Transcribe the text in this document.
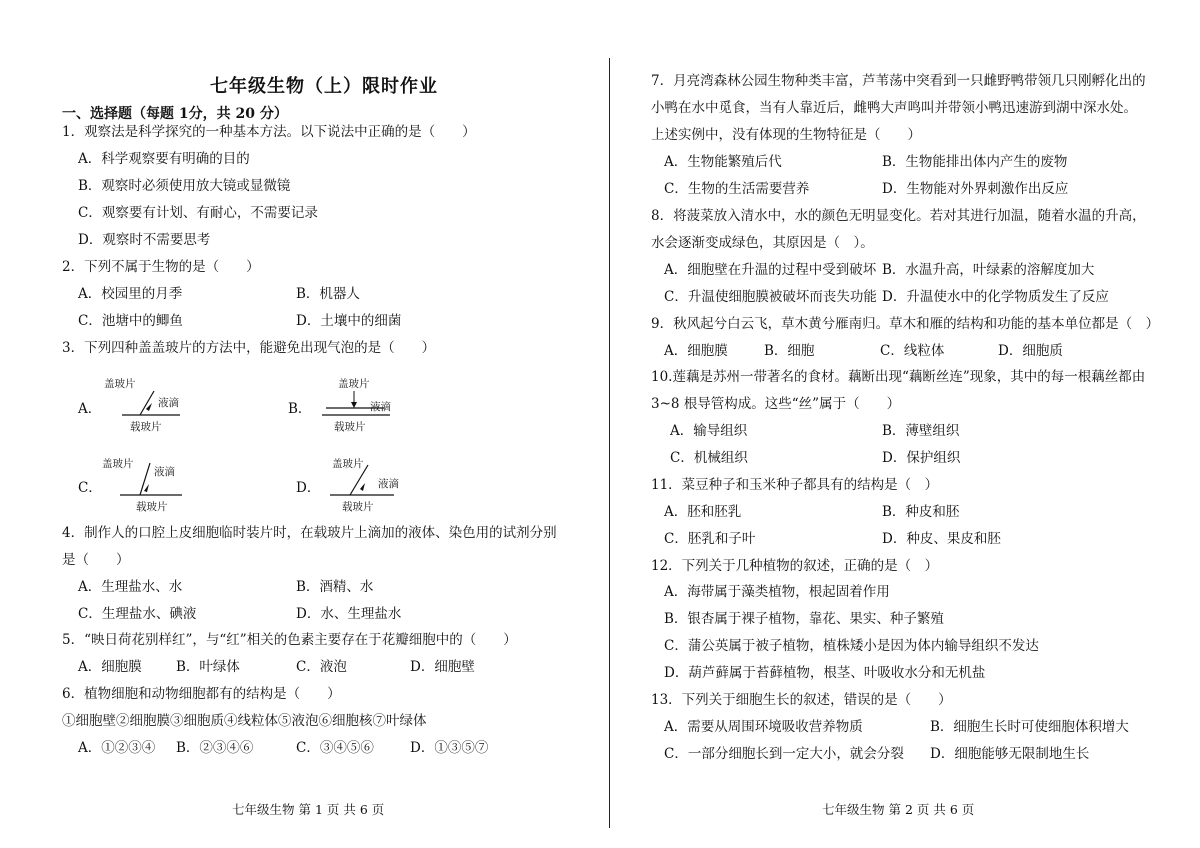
七年级生物（上）限时作业
一、选择题（每题 1分，共 20 分）
1．观察法是科学探究的一种基本方法。以下说法中正确的是（　　）
A．科学观察要有明确的目的
B．观察时必须使用放大镜或显微镜
C．观察要有计划、有耐心，不需要记录
D．观察时不需要思考
2．下列不属于生物的是（　　）
A．校园里的月季	B．机器人
C．池塘中的鲫鱼	D．土壤中的细菌
3．下列四种盖盖玻片的方法中，能避免出现气泡的是（　　）
A．
盖玻片
液滴
载玻片
B．
盖玻片
液滴
载玻片
C．
盖玻片
液滴
载玻片
D．
盖玻片
液滴
载玻片
4．制作人的口腔上皮细胞临时装片时，在载玻片上滴加的液体、染色用的试剂分别
是（　　）
A．生理盐水、水	B．酒精、水
C．生理盐水、碘液	D．水、生理盐水
5．“映日荷花别样红”，与“红”相关的色素主要存在于花瓣细胞中的（　　）
A．细胞膜	B．叶绿体	C．液泡	D．细胞壁
6．植物细胞和动物细胞都有的结构是（　　）
①细胞壁②细胞膜③细胞质④线粒体⑤液泡⑥细胞核⑦叶绿体
A．①②③④ B．②③④⑥	C．③④⑤⑥	D．①③⑤⑦
七年级生物 第 1 页 共 6 页
7．月亮湾森林公园生物种类丰富，芦苇荡中突看到一只雌野鸭带领几只刚孵化出的
小鸭在水中觅食，当有人靠近后，雌鸭大声鸣叫并带领小鸭迅速游到湖中深水处。
上述实例中，没有体现的生物特征是（　　）
A．生物能繁殖后代	B．生物能排出体内产生的废物
C．生物的生活需要营养	D．生物能对外界刺激作出反应
8．将菠菜放入清水中，水的颜色无明显变化。若对其进行加温，随着水温的升高，
水会逐渐变成绿色，其原因是（　）。
A．细胞壁在升温的过程中受到破坏 B．水温升高，叶绿素的溶解度加大
C．升温使细胞膜被破坏而丧失功能 D．升温使水中的化学物质发生了反应
9．秋风起兮白云飞，草木黄兮雁南归。草木和雁的结构和功能的基本单位都是（　）
A．细胞膜	B．细胞	C．线粒体	D．细胞质
10.莲藕是苏州一带著名的食材。藕断出现“藕断丝连”现象，其中的每一根藕丝都由
3~8 根导管构成。这些“丝”属于（　　）
A．输导组织	B．薄壁组织
C．机械组织	D．保护组织
11．菜豆种子和玉米种子都具有的结构是（　）
A．胚和胚乳	B．种皮和胚
C．胚乳和子叶	D．种皮、果皮和胚
12．下列关于几种植物的叙述，正确的是（　）
A．海带属于藻类植物，根起固着作用
B．银杏属于裸子植物，靠花、果实、种子繁殖
C．蒲公英属于被子植物，植株矮小是因为体内输导组织不发达
D．葫芦藓属于苔藓植物，根茎、叶吸收水分和无机盐
13．下列关于细胞生长的叙述，错误的是（　　）
A．需要从周围环境吸收营养物质	B．细胞生长时可使细胞体积增大
C．一部分细胞长到一定大小，就会分裂 D．细胞能够无限制地生长
七年级生物 第 2 页 共 6 页
